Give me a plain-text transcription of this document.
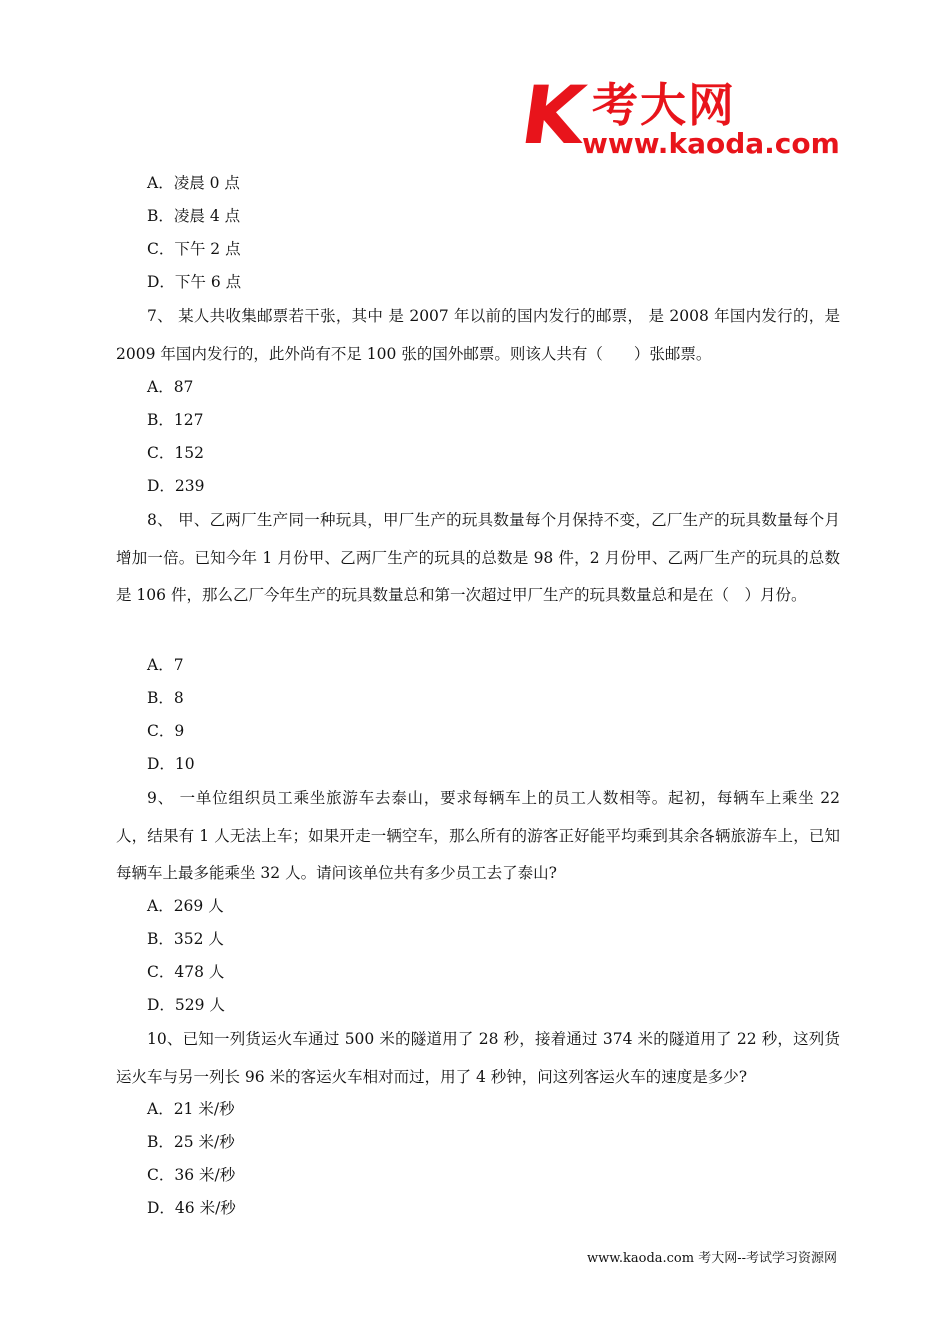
K 考大网
www.kaoda.com
A．凌晨 0 点
B．凌晨 4 点
C．下午 2 点
D．下午 6 点
7、 某人共收集邮票若干张，其中 是 2007 年以前的国内发行的邮票， 是 2008 年国内发行的，是 2009 年国内发行的，此外尚有不足 100 张的国外邮票。则该人共有（　　）张邮票。
A．87
B．127
C．152
D．239
8、 甲、乙两厂生产同一种玩具，甲厂生产的玩具数量每个月保持不变，乙厂生产的玩具数量每个月增加一倍。已知今年 1 月份甲、乙两厂生产的玩具的总数是 98 件，2 月份甲、乙两厂生产的玩具的总数是 106 件，那么乙厂今年生产的玩具数量总和第一次超过甲厂生产的玩具数量总和是在（　）月份。
A．7
B．8
C．9
D．10
9、 一单位组织员工乘坐旅游车去泰山，要求每辆车上的员工人数相等。起初，每辆车上乘坐 22 人，结果有 1 人无法上车；如果开走一辆空车，那么所有的游客正好能平均乘到其余各辆旅游车上，已知每辆车上最多能乘坐 32 人。请问该单位共有多少员工去了泰山?
A．269 人
B．352 人
C．478 人
D．529 人
10、已知一列货运火车通过 500 米的隧道用了 28 秒，接着通过 374 米的隧道用了 22 秒，这列货运火车与另一列长 96 米的客运火车相对而过，用了 4 秒钟，问这列客运火车的速度是多少?
A．21 米/秒
B．25 米/秒
C．36 米/秒
D．46 米/秒
www.kaoda.com 考大网--考试学习资源网
